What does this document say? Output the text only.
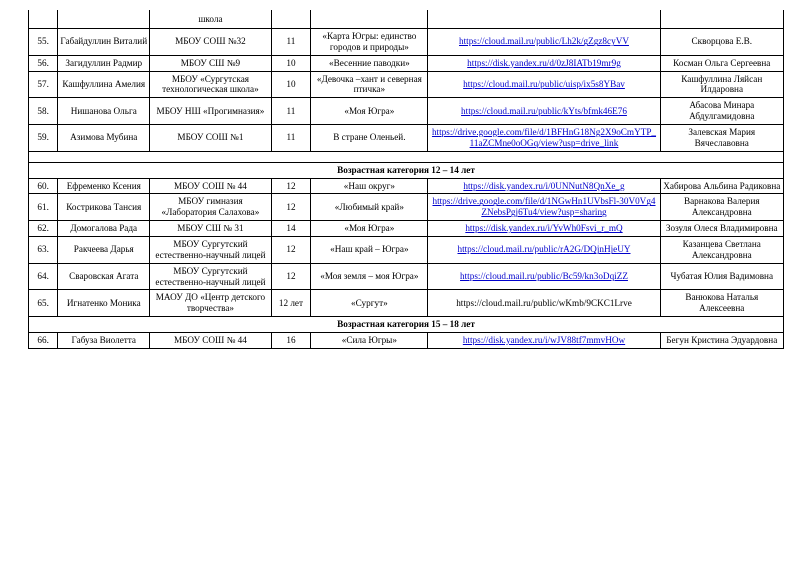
		школа				
55.	Габайдуллин Виталий	МБОУ СОШ №32	11	«Карта Югры: единство городов и природы»	https://cloud.mail.ru/public/Lh2k/gZgz8cyVV	Скворцова Е.В.
56.	Загидуллин Радмир	МБОУ СШ №9	10	«Весенние паводки»	https://disk.yandex.ru/d/0zJ8IATb19mr9g	Косман Ольга Сергеевна
57.	Кашфуллина Амелия	МБОУ «Сургутская технологическая школа»	10	«Девочка –хант и северная птичка»	https://cloud.mail.ru/public/uisp/ix5s8YBav	Кашфуллина Ляйсан Илдаровна
58.	Нишанова Ольга	МБОУ НШ «Прогимназия»	11	«Моя Югра»	https://cloud.mail.ru/public/kYts/bfmk46E76	Абасова Минара Абдулгамидовна
59.	Азимова Мубина	МБОУ СОШ №1	11	В стране Оленьей.	https://drive.google.com/file/d/1BFHnG18Ng2X9oCmYTP_11aZCMne0oOGq/view?usp=drive_link	Залевская Мария Вячеславовна

Возрастная категория 12 – 14 лет						
60.	Ефременко Ксения	МБОУ СОШ № 44	12	«Наш округ»	https://disk.yandex.ru/i/0UNNutN8QnXe_g	Хабирова Альбина Радиковна
61.	Кострикова Тансия	МБОУ гимназия «Лаборатория Салахова»	12	«Любимый край»	https://drive.google.com/file/d/1NGwHn1UVbsFl-30V0Vg4ZNebsPgj6Tu4/view?usp=sharing	Варнакова Валерия Александровна
62.	Домогалова Рада	МБОУ СШ № 31	14	«Моя Югра»	https://disk.yandex.ru/i/YvWh0Fsvi_r_mQ	Зозуля Олеся Владимировна
63.	Ракчеева Дарья	МБОУ Сургутский естественно-научный лицей	12	«Наш край – Югра»	https://cloud.mail.ru/public/rA2G/DQjnHjeUY	Казанцева Светлана Александровна
64.	Сваровская Агата	МБОУ Сургутский естественно-научный лицей	12	«Моя земля – моя Югра»	https://cloud.mail.ru/public/Bc59/kn3oDqiZZ	Чубатая Юлия Вадимовна
65.	Игнатенко Моника	МАОУ ДО «Центр детского творчества»	12 лет	«Сургут»	https://cloud.mail.ru/public/wKmb/9CKC1Lrve	Ванюкова Наталья Алексеевна
Возрастная категория 15 – 18 лет						
66.	Габуза Виолетта	МБОУ СОШ № 44	16	«Сила Югры»	https://disk.yandex.ru/i/wJV88tf7mmvHOw	Бегун Кристина Эдуардовна
